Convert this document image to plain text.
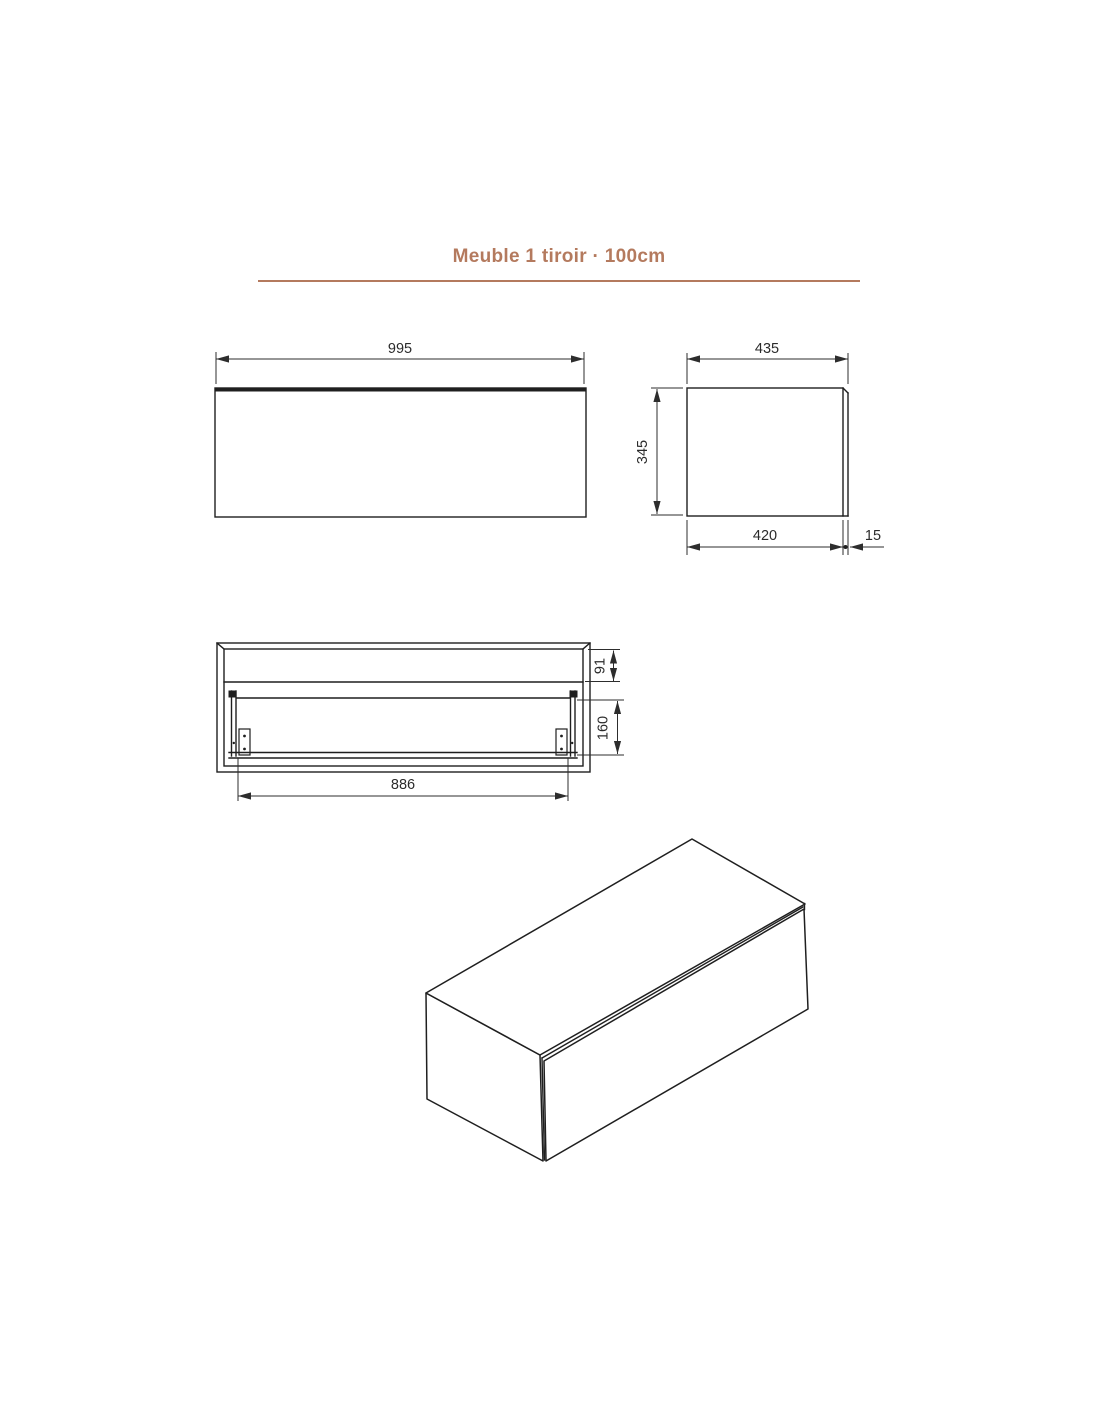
Meuble 1 tiroir · 100cm
995	435
345
420	15
91
160
886
